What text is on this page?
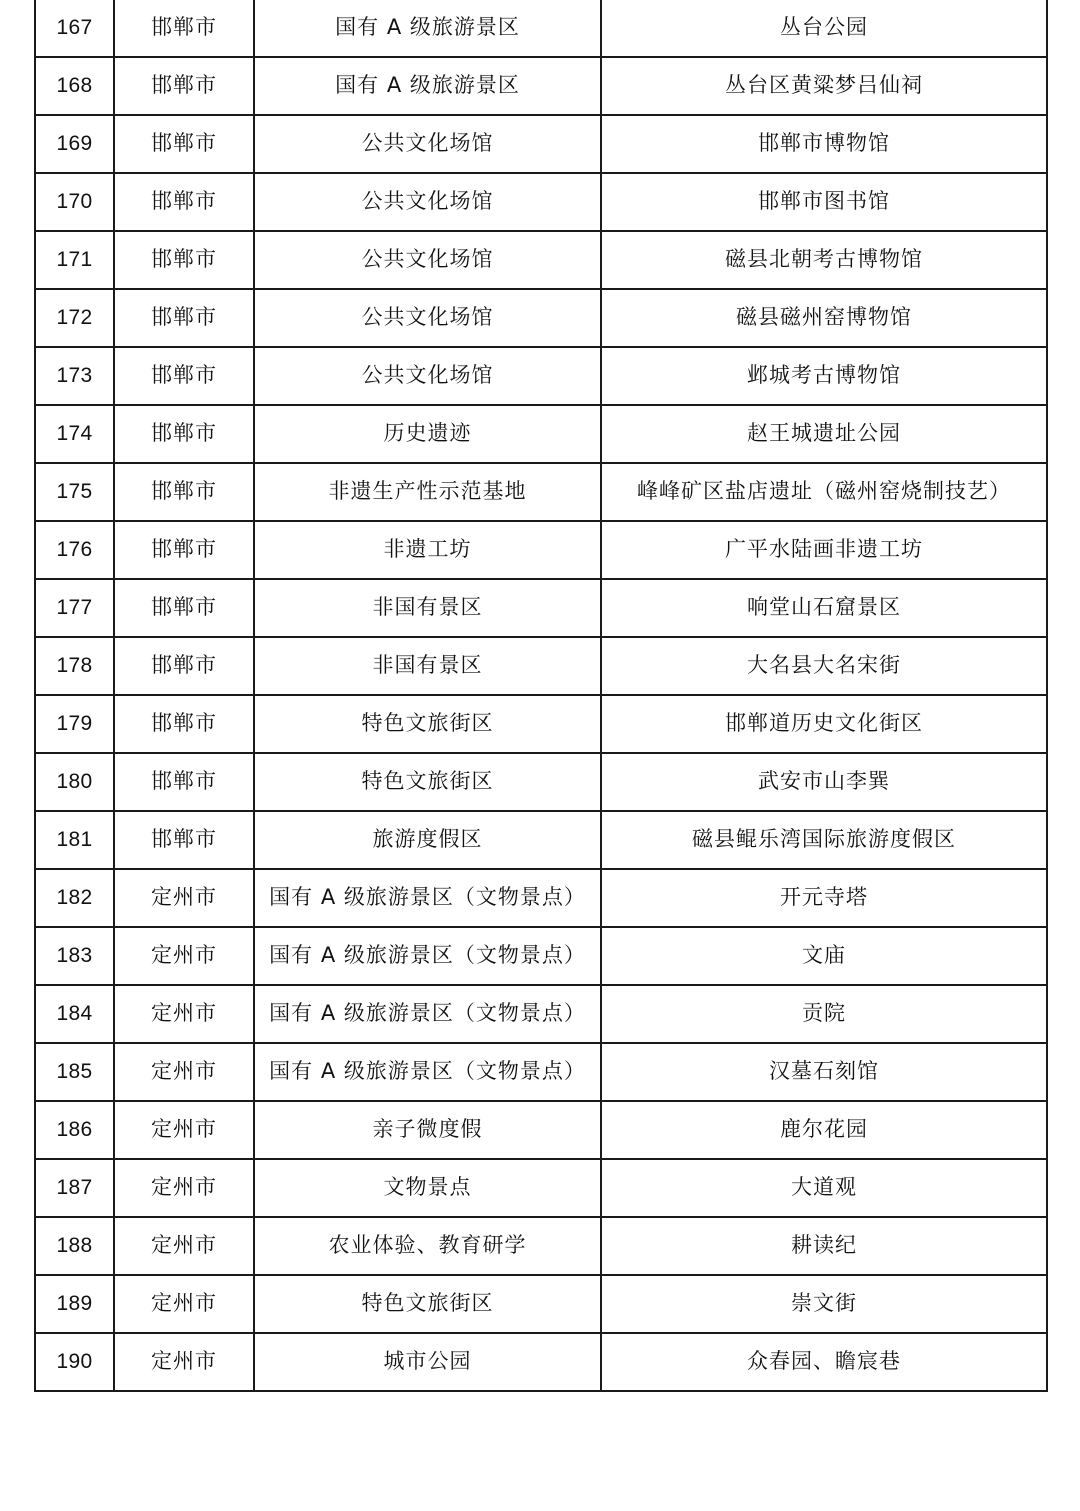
167	邯郸市	国有 A 级旅游景区	丛台公园
168	邯郸市	国有 A 级旅游景区	丛台区黄粱梦吕仙祠
169	邯郸市	公共文化场馆	邯郸市博物馆
170	邯郸市	公共文化场馆	邯郸市图书馆
171	邯郸市	公共文化场馆	磁县北朝考古博物馆
172	邯郸市	公共文化场馆	磁县磁州窑博物馆
173	邯郸市	公共文化场馆	邺城考古博物馆
174	邯郸市	历史遗迹	赵王城遗址公园
175	邯郸市	非遗生产性示范基地	峰峰矿区盐店遗址（磁州窑烧制技艺）
176	邯郸市	非遗工坊	广平水陆画非遗工坊
177	邯郸市	非国有景区	响堂山石窟景区
178	邯郸市	非国有景区	大名县大名宋街
179	邯郸市	特色文旅街区	邯郸道历史文化街区
180	邯郸市	特色文旅街区	武安市山李巽
181	邯郸市	旅游度假区	磁县鲲乐湾国际旅游度假区
182	定州市	国有 A 级旅游景区（文物景点）	开元寺塔
183	定州市	国有 A 级旅游景区（文物景点）	文庙
184	定州市	国有 A 级旅游景区（文物景点）	贡院
185	定州市	国有 A 级旅游景区（文物景点）	汉墓石刻馆
186	定州市	亲子微度假	鹿尔花园
187	定州市	文物景点	大道观
188	定州市	农业体验、教育研学	耕读纪
189	定州市	特色文旅街区	崇文街
190	定州市	城市公园	众春园、瞻宸巷
